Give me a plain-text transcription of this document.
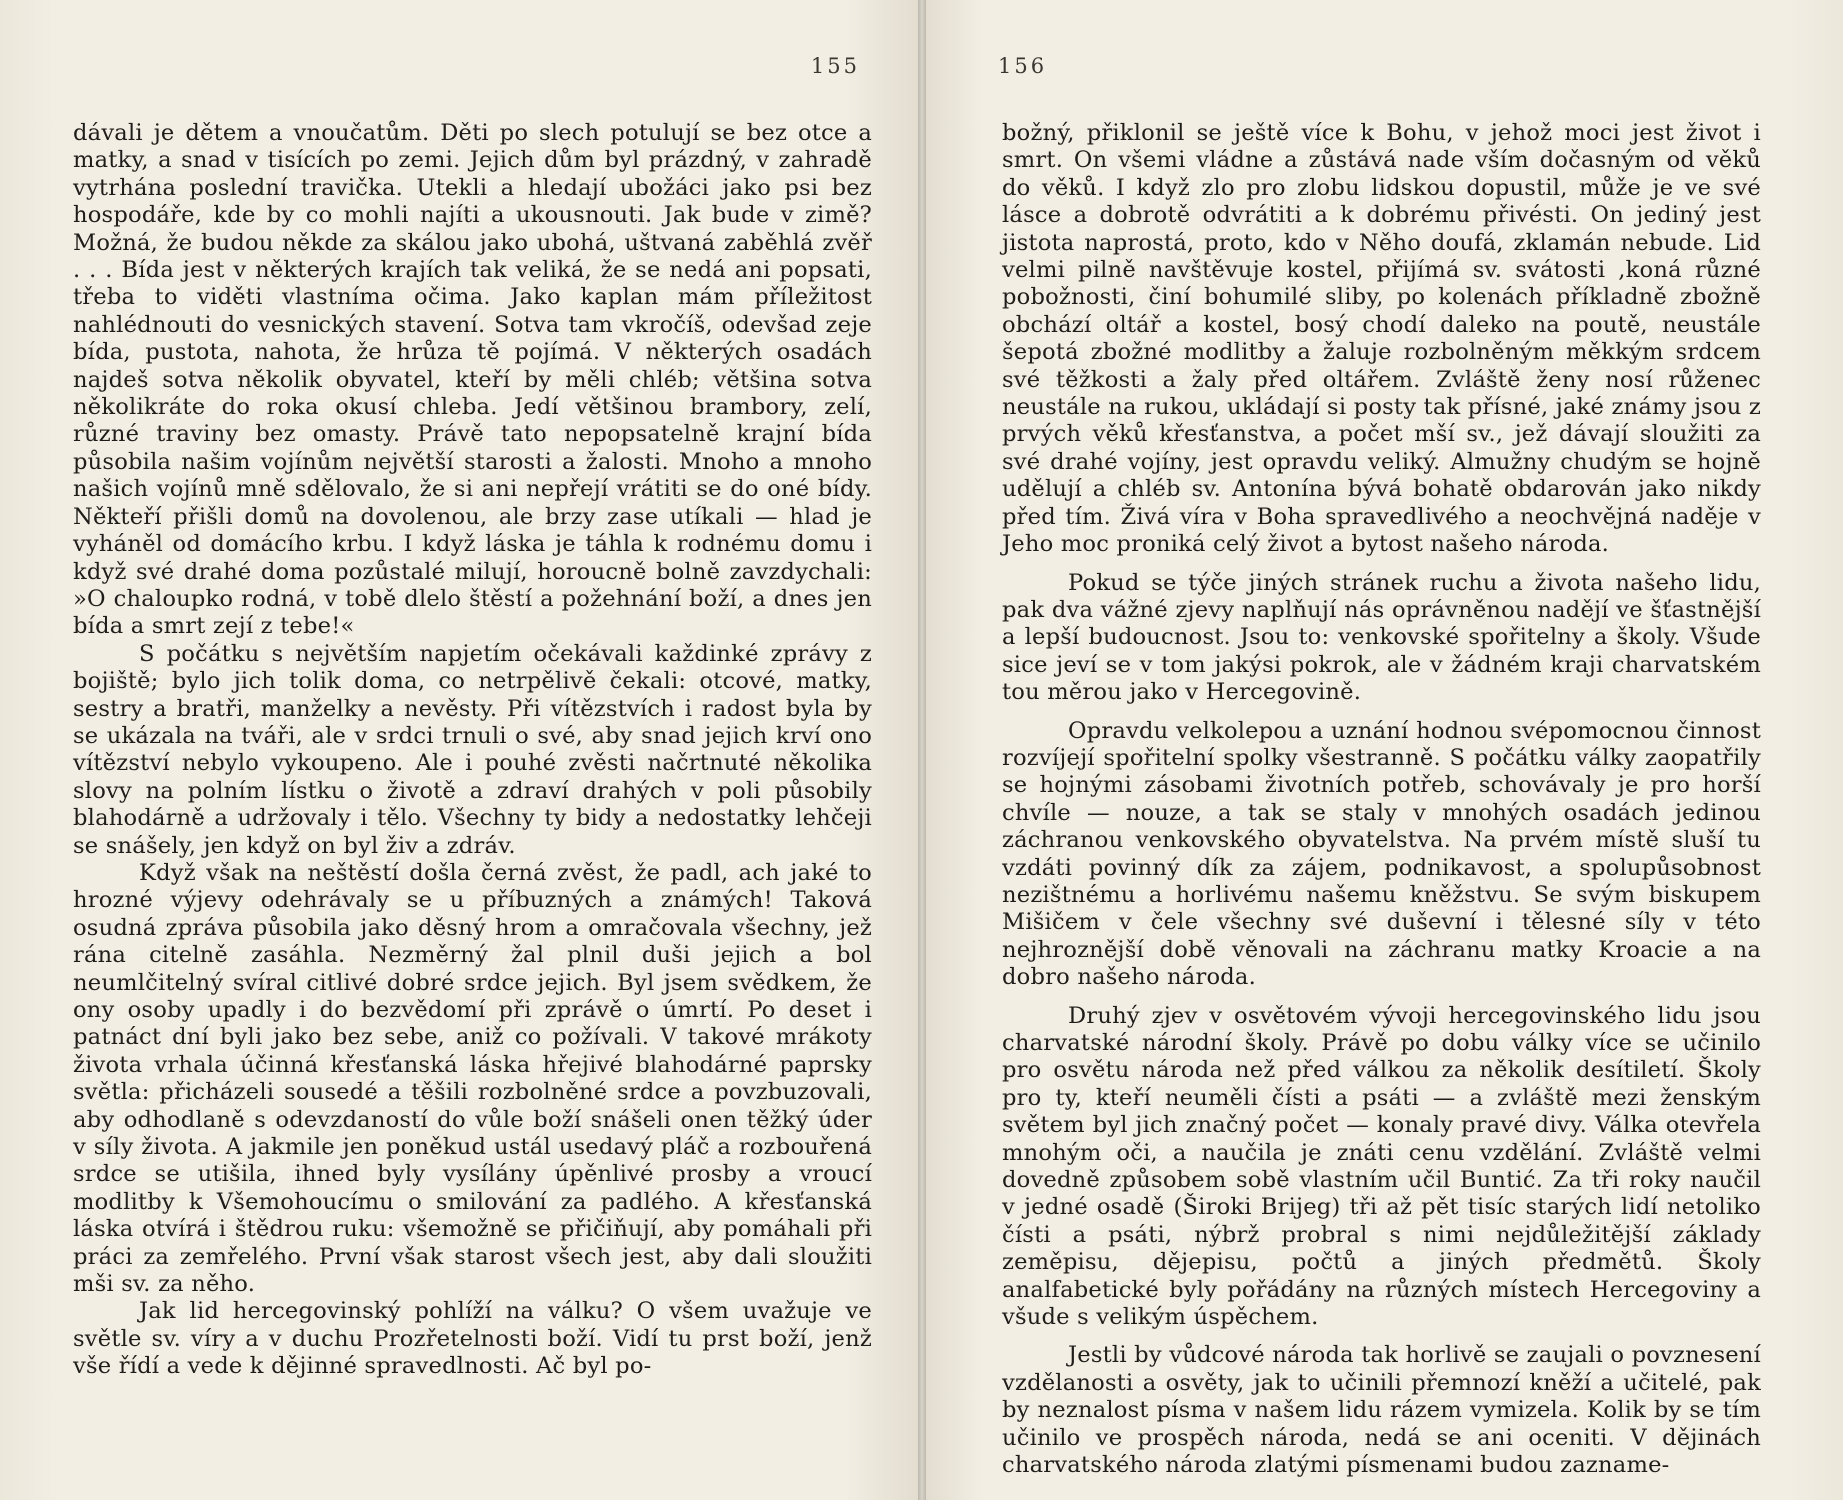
155

dávali je dětem a vnoučatům. Děti po slech potulují se bez otce a matky, a snad v tisících po zemi. Jejich dům byl prázdný, v zahradě vytrhána poslední travička. Utekli a hledají ubožáci jako psi bez hospodáře, kde by co mohli najíti a ukousnouti. Jak bude v zimě? Možná, že budou někde za skálou jako ubohá, uštvaná zaběhlá zvěř . . . Bída jest v některých krajích tak veliká, že se nedá ani popsati, třeba to viděti vlastníma očima. Jako kaplan mám příležitost nahlédnouti do vesnických stavení. Sotva tam vkročíš, odevšad zeje bída, pustota, nahota, že hrůza tě pojímá. V některých osadách najdeš sotva několik obyvatel, kteří by měli chléb; většina sotva několikráte do roka okusí chleba. Jedí většinou brambory, zelí, různé traviny bez omasty. Právě tato nepopsatelně krajní bída působila našim vojínům největší starosti a žalosti. Mnoho a mnoho našich vojínů mně sdělovalo, že si ani nepřejí vrátiti se do oné bídy. Někteří přišli domů na dovolenou, ale brzy zase utíkali — hlad je vyháněl od domácího krbu. I když láska je táhla k rodnému domu i když své drahé doma pozůstalé milují, horoucně bolně zavzdychali: »O chaloupko rodná, v tobě dlelo štěstí a požehnání boží, a dnes jen bída a smrt zejí z tebe!«

S počátku s největším napjetím očekávali každinké zprávy z bojiště; bylo jich tolik doma, co netrpělivě čekali: otcové, matky, sestry a bratři, manželky a nevěsty. Při vítězstvích i radost byla by se ukázala na tváři, ale v srdci trnuli o své, aby snad jejich krví ono vítězství nebylo vykoupeno. Ale i pouhé zvěsti načrtnuté několika slovy na polním lístku o životě a zdraví drahých v poli působily blahodárně a udržovaly i tělo. Všechny ty bidy a nedostatky lehčeji se snášely, jen když on byl živ a zdráv.

Když však na neštěstí došla černá zvěst, že padl, ach jaké to hrozné výjevy odehrávaly se u příbuzných a známých! Taková osudná zpráva působila jako děsný hrom a omračovala všechny, jež rána citelně zasáhla. Nezměrný žal plnil duši jejich a bol neumlčitelný svíral citlivé dobré srdce jejich. Byl jsem svědkem, že ony osoby upadly i do bezvědomí při zprávě o úmrtí. Po deset i patnáct dní byli jako bez sebe, aniž co požívali. V takové mrákoty života vrhala účinná křesťanská láska hřejivé blahodárné paprsky světla: přicházeli sousedé a těšili rozbolněné srdce a povzbuzovali, aby odhodlaně s odevzdaností do vůle boží snášeli onen těžký úder v síly života. A jakmile jen poněkud ustál usedavý pláč a rozbouřená srdce se utišila, ihned byly vysílány úpěnlivé prosby a vroucí modlitby k Všemohoucímu o smilování za padlého. A křesťanská láska otvírá i štědrou ruku: všemožně se přičiňují, aby pomáhali při práci za zemřelého. První však starost všech jest, aby dali sloužiti mši sv. za něho.

Jak lid hercegovinský pohlíží na válku? O všem uvažuje ve světle sv. víry a v duchu Prozřetelnosti boží. Vidí tu prst boží, jenž vše řídí a vede k dějinné spravedlnosti. Ač byl po-

156

božný, přiklonil se ještě více k Bohu, v jehož moci jest život i smrt. On všemi vládne a zůstává nade vším dočasným od věků do věků. I když zlo pro zlobu lidskou dopustil, může je ve své lásce a dobrotě odvrátiti a k dobrému přivésti. On jediný jest jistota naprostá, proto, kdo v Něho doufá, zklamán nebude. Lid velmi pilně navštěvuje kostel, přijímá sv. svátosti ,koná různé pobožnosti, činí bohumilé sliby, po kolenách příkladně zbožně obchází oltář a kostel, bosý chodí daleko na poutě, neustále šepotá zbožné modlitby a žaluje rozbolněným měkkým srdcem své těžkosti a žaly před oltářem. Zvláště ženy nosí růženec neustále na rukou, ukládají si posty tak přísné, jaké známy jsou z prvých věků křesťanstva, a počet mší sv., jež dávají sloužiti za své drahé vojíny, jest opravdu veliký. Almužny chudým se hojně udělují a chléb sv. Antonína bývá bohatě obdarován jako nikdy před tím. Živá víra v Boha spravedlivého a neochvějná naděje v Jeho moc proniká celý život a bytost našeho národa.

Pokud se týče jiných stránek ruchu a života našeho lidu, pak dva vážné zjevy naplňují nás oprávněnou nadějí ve šťastnější a lepší budoucnost. Jsou to: venkovské spořitelny a školy. Všude sice jeví se v tom jakýsi pokrok, ale v žádném kraji charvatském tou měrou jako v Hercegovině.

Opravdu velkolepou a uznání hodnou svépomocnou činnost rozvíjejí spořitelní spolky všestranně. S počátku války zaopatřily se hojnými zásobami životních potřeb, schovávaly je pro horší chvíle — nouze, a tak se staly v mnohých osadách jedinou záchranou venkovského obyvatelstva. Na prvém místě sluší tu vzdáti povinný dík za zájem, podnikavost, a spolupůsobnost nezištnému a horlivému našemu kněžstvu. Se svým biskupem Mišičem v čele všechny své duševní i tělesné síly v této nejhroznější době věnovali na záchranu matky Kroacie a na dobro našeho národa.

Druhý zjev v osvětovém vývoji hercegovinského lidu jsou charvatské národní školy. Právě po dobu války více se učinilo pro osvětu národa než před válkou za několik desítiletí. Školy pro ty, kteří neuměli čísti a psáti — a zvláště mezi ženským světem byl jich značný počet — konaly pravé divy. Válka otevřela mnohým oči, a naučila je znáti cenu vzdělání. Zvláště velmi dovedně způsobem sobě vlastním učil Buntić. Za tři roky naučil v jedné osadě (Široki Brijeg) tři až pět tisíc starých lidí netoliko čísti a psáti, nýbrž probral s nimi nejdůležitější základy zeměpisu, dějepisu, počtů a jiných předmětů. Školy analfabetické byly pořádány na různých místech Hercegoviny a všude s velikým úspěchem.

Jestli by vůdcové národa tak horlivě se zaujali o povznesení vzdělanosti a osvěty, jak to učinili přemnozí kněží a učitelé, pak by neznalost písma v našem lidu rázem vymizela. Kolik by se tím učinilo ve prospěch národa, nedá se ani oceniti. V dějinách charvatského národa zlatými písmenami budou zaznamе-
